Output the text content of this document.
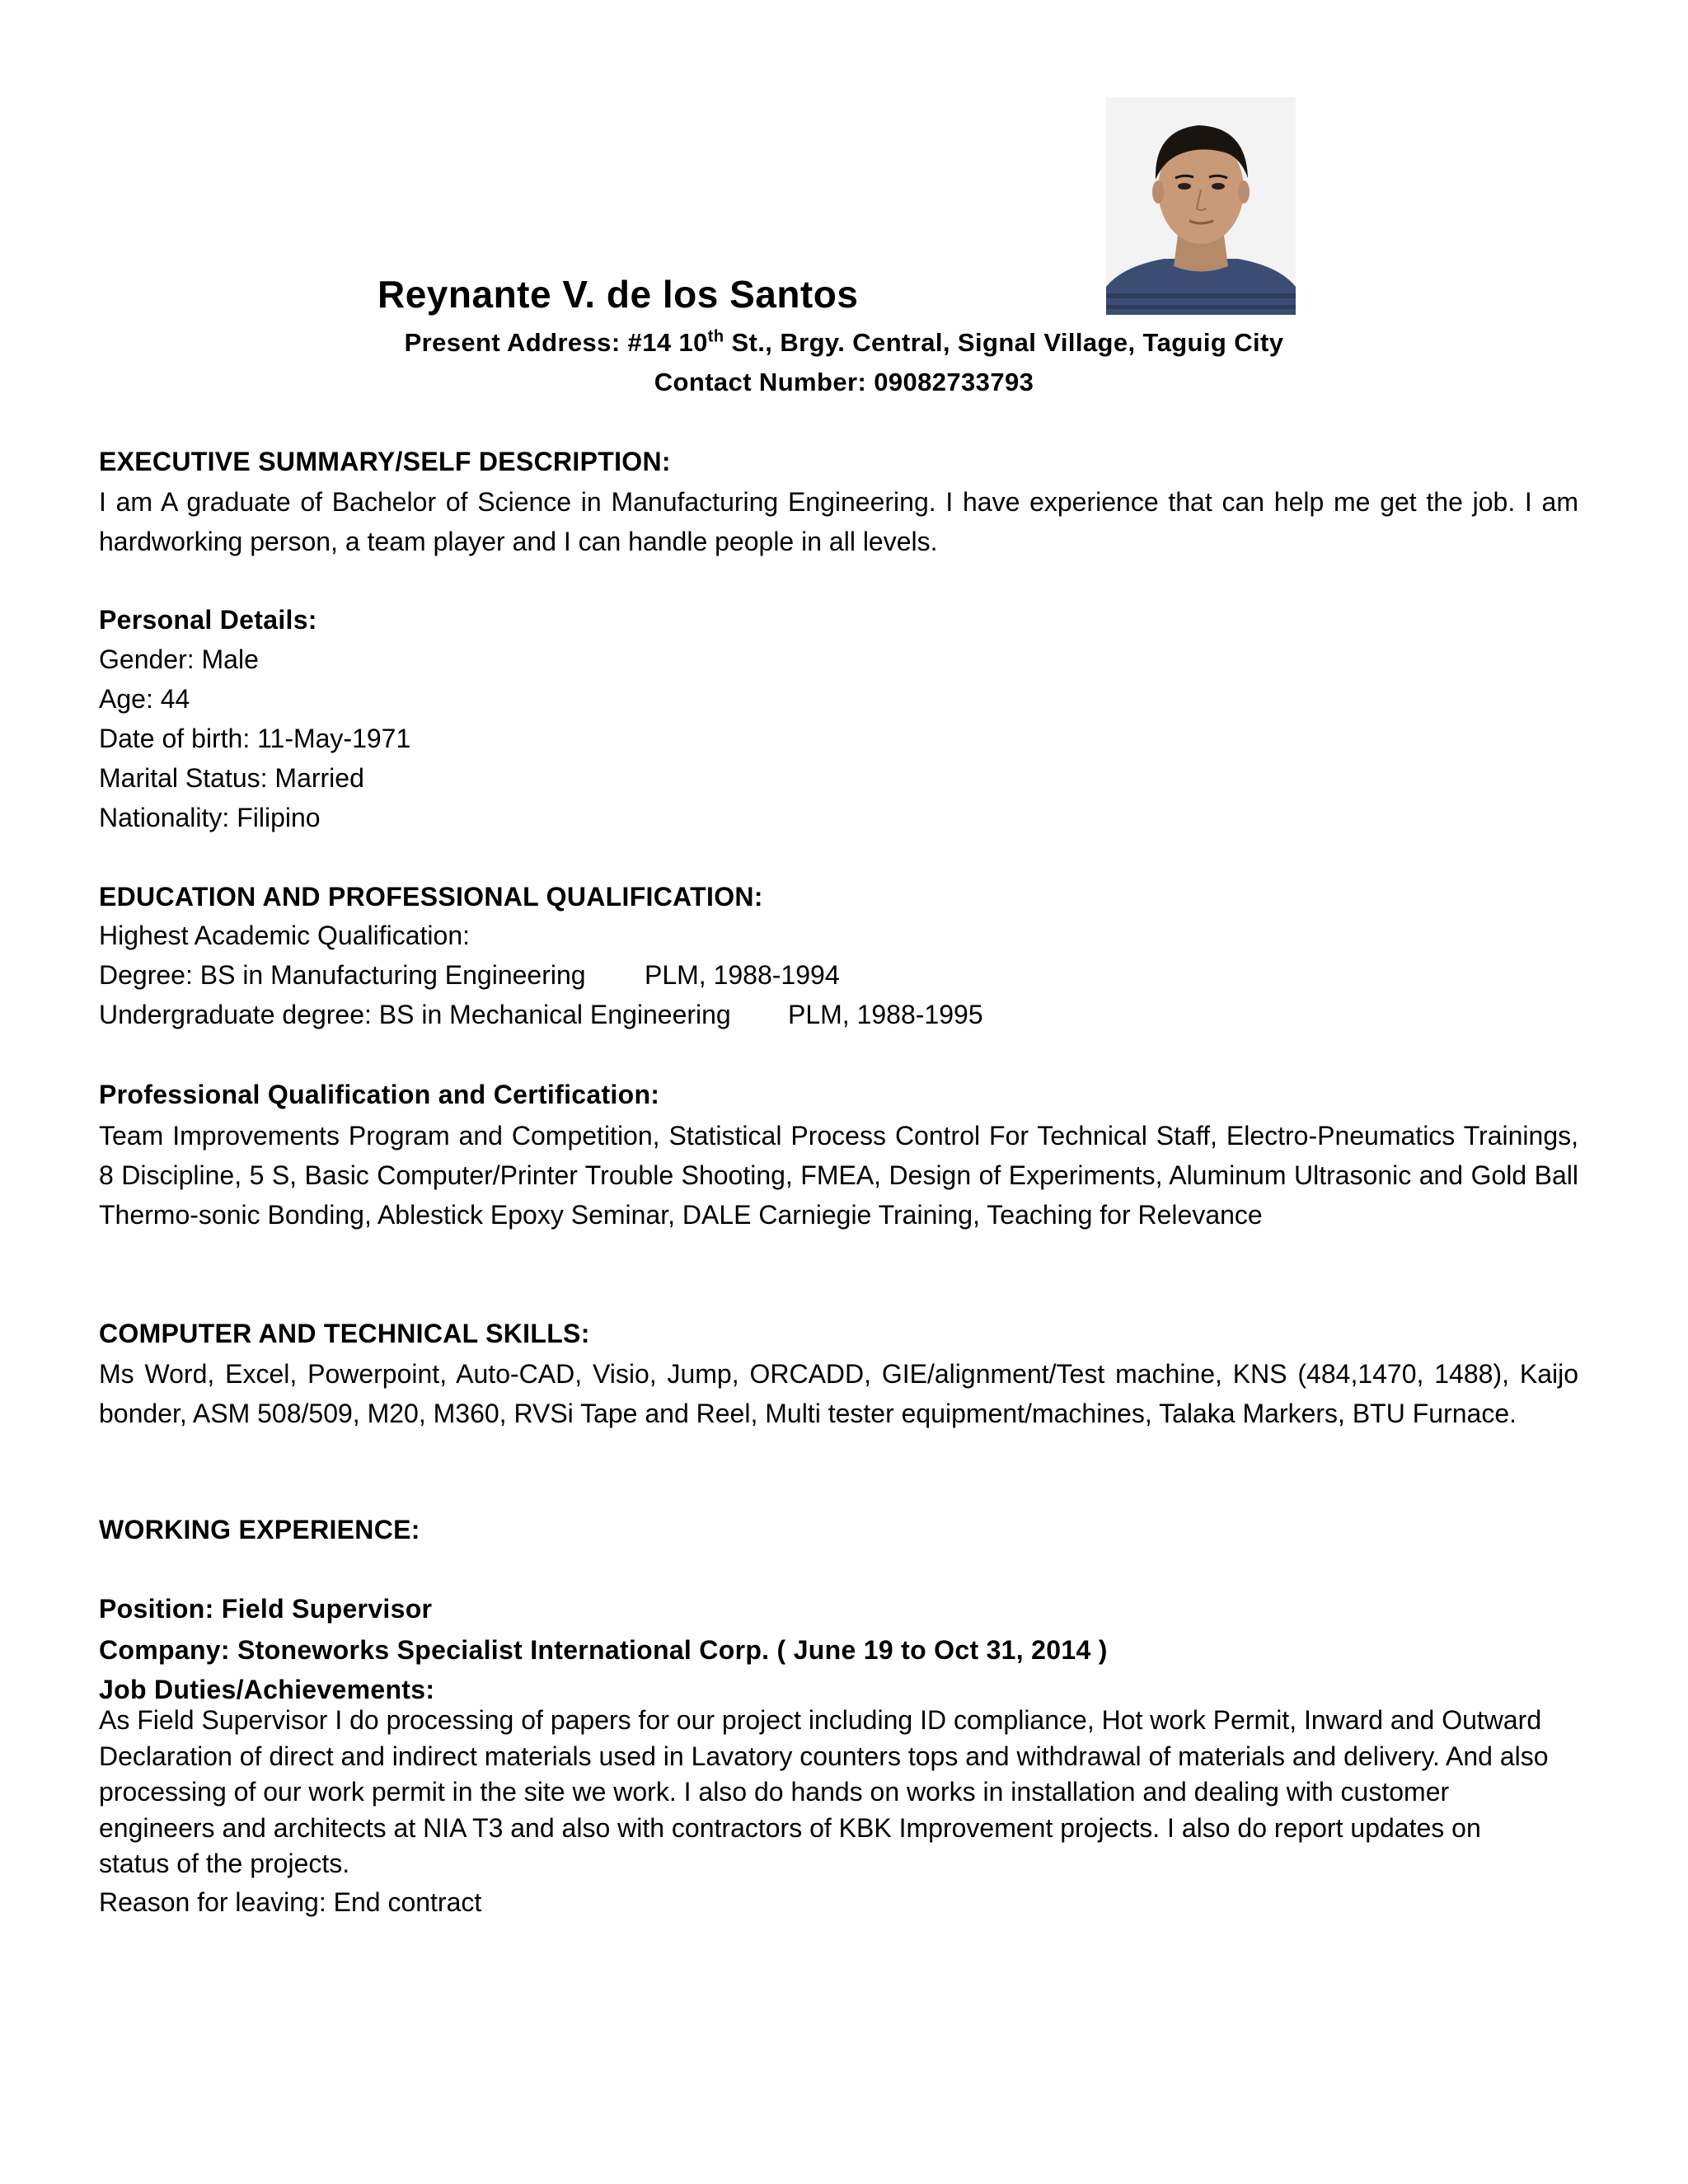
Reynante V. de los Santos
Present Address: #14 10th St., Brgy. Central, Signal Village, Taguig City
Contact Number: 09082733793
EXECUTIVE SUMMARY/SELF DESCRIPTION:
I am A graduate of Bachelor of Science in Manufacturing Engineering. I have experience that can help me get the job. I am hardworking person, a team player and I can handle people in all levels.
Personal Details:
Gender: Male
Age: 44
Date of birth: 11-May-1971
Marital Status: Married
Nationality: Filipino
EDUCATION AND PROFESSIONAL QUALIFICATION:
Highest Academic Qualification:
Degree: BS in Manufacturing Engineering PLM, 1988-1994
Undergraduate degree: BS in Mechanical Engineering PLM, 1988-1995
Professional Qualification and Certification:
Team Improvements Program and Competition, Statistical Process Control For Technical Staff, Electro-Pneumatics Trainings, 8 Discipline, 5 S, Basic Computer/Printer Trouble Shooting, FMEA, Design of Experiments, Aluminum Ultrasonic and Gold Ball Thermo-sonic Bonding, Ablestick Epoxy Seminar, DALE Carniegie Training, Teaching for Relevance
COMPUTER AND TECHNICAL SKILLS:
Ms Word, Excel, Powerpoint, Auto-CAD, Visio, Jump, ORCADD, GIE/alignment/Test machine, KNS (484,1470, 1488), Kaijo bonder, ASM 508/509, M20, M360, RVSi Tape and Reel, Multi tester equipment/machines, Talaka Markers, BTU Furnace.
WORKING EXPERIENCE:
Position: Field Supervisor
Company: Stoneworks Specialist International Corp. ( June 19 to Oct 31, 2014 )
Job Duties/Achievements:
As Field Supervisor I do processing of papers for our project including ID compliance, Hot work Permit, Inward and Outward Declaration of direct and indirect materials used in Lavatory counters tops and withdrawal of materials and delivery. And also processing of our work permit in the site we work. I also do hands on works in installation and dealing with customer engineers and architects at NIA T3 and also with contractors of KBK Improvement projects. I also do report updates on status of the projects.
Reason for leaving: End contract
